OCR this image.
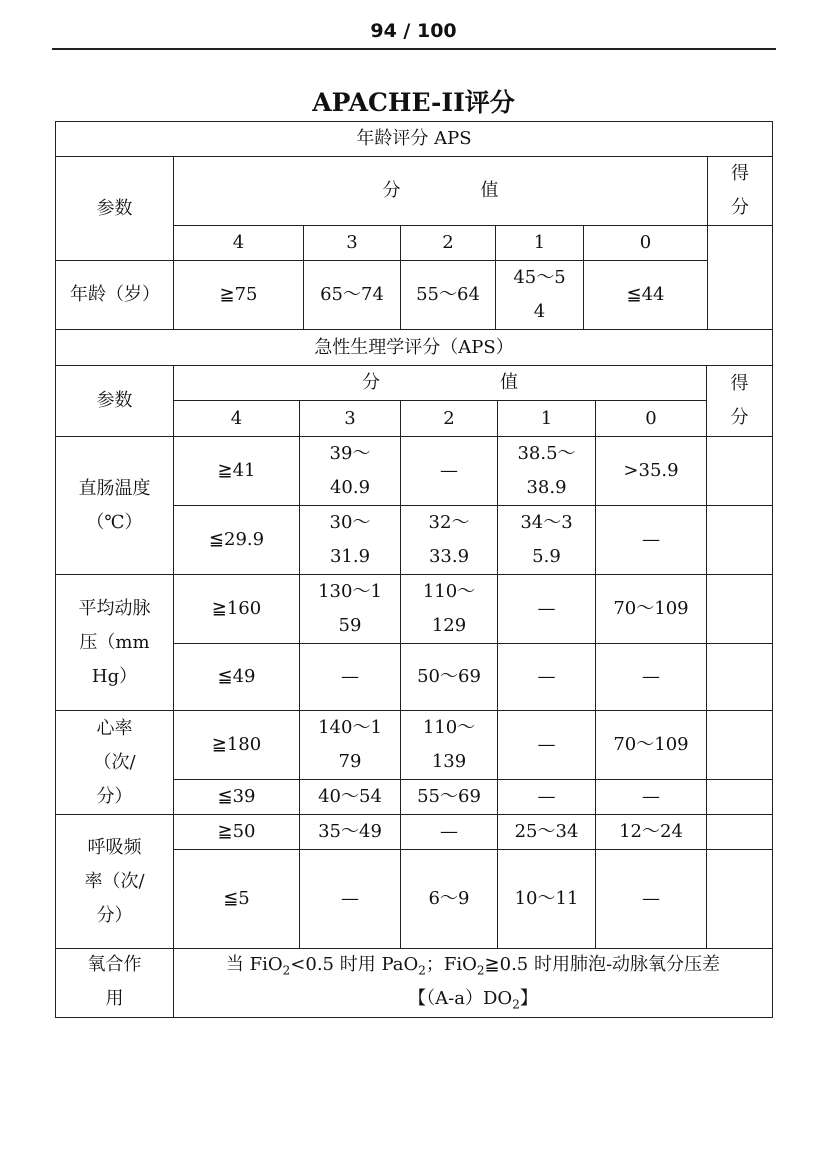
94 / 100
APACHE-II评分
年龄评分 APS						
参数	分 值					得
分

	4	3	2	1	0	
年龄（岁）	≧75	65～74	55～64	45～54	≦44	
急性生理学评分（APS）						
参数	分 值					得
分

	4	3	2	1	0	
直肠温度（℃）	≧41	39～40.9	—	38.5～38.9	>35.9	
	≦29.9	30～31.9	32～33.9	34～35.9	—	
平均动脉压（mmHg）	≧160	130～159	110～129	—	70～109	
	≦49	—	50～69	—	—	
心率（次/分）	≧180	140～179	110～139	—	70～109	
	≦39	40～54	55～69	—	—	
呼吸频率（次/分）	≧50	35～49	—	25～34	12～24	
	≦5	—	6～9	10～11	—	
氧合作用	
当 FiO$_2$<0.5 时用 PaO$_2$；FiO$_2$≧0.5 时用肺泡-动脉氧分压差
【$(A-a)DO_2$】
